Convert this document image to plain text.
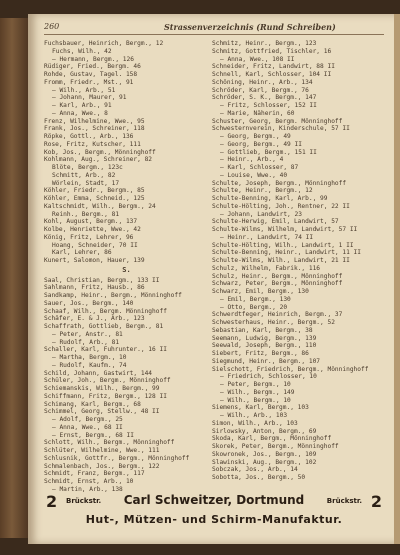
260	Strassenverzeichnis (Rund Schreiben)
Fuchsbauer, Heinrich, Bergm., 12
Fuchs, Wilh., 42
— Hermann, Bergm., 126
Rüdiger, Fried., Bergm. 46
Rohde, Gustav, Tagel. 158
Fromm, Friedr., Mst., 91
— Wilh., Arb., 51
— Johann, Maurer, 91
— Karl, Arb., 91
— Anna, Wwe., 8
Frenz, Wilhelmine, Wwe., 95
Frank, Jos., Schreiner, 118
Röpke, Gottl., Arb., 136
Rose, Fritz, Kutscher, 111
Kob, Jos., Bergm., Mönninghoff
Kohlmann, Aug., Schreiner, 82
Blöte, Bergm., 123c
Schmitt, Arb., 82
Wörlein, Stadt, 17
Köhler, Friedr., Bergm., 85
Köhler, Emma, Schneid., 125
Kaltschmidt, Wilh., Bergm., 24
Reinh., Bergm., 81
Kohl, August, Bergm., 137
Kolbe, Henriette, Wwe., 42
König, Fritz, Lehrer, 96
Hoang, Schneider, 70 II
Karl, Lehrer, 86
Kunert, Salomon, Hauer, 139
S.
Saal, Christian, Bergm., 133 II
Sahlmann, Fritz, Hausb., 86
Sandkamp, Heinr., Bergm., Mönninghoff
Sauer, Jos., Bergm., 140
Schaaf, Wilh., Bergm. Mönninghoff
Schäfer, E. & J., Arb., 123
Schaffrath, Gottlieb, Bergm., 81
— Peter, Anstr., 81
— Rudolf, Arb., 81
Schaller, Karl, Fuhrunter., 16 II
— Martha, Bergm., 10
— Rudolf, Kaufm., 74
Schild, Johann, Gastwirt, 144
Schüler, Joh., Bergm., Mönninghoff
Schiemanskis, Wilh., Bergm., 99
Schiffmann, Fritz, Bergm., 128 II
Schimang, Karl, Bergm., 68
Schimmel, Georg, Stellw., 48 II
— Adolf, Bergm., 25
— Anna, Wwe., 68 II
— Ernst, Bergm., 68 II
Schlott, Wilh., Bergm., Mönninghoff
Schlüter, Wilhelmine, Wwe., 111
Schlusnik, Gottfr., Bergm., Mönninghoff
Schmalenbach, Jos., Bergm., 122
Schmidt, Franz, Bergm., 117
Schmidt, Ernst, Arb., 10
— Martin, Arb., 138
Schmitz, Heinr., Bergm., 123
Schmitz, Gottfried, Tischler, 16
— Anna, Wwe., 108 II
Schneider, Fritz, Landwirt, 88 II
Schnell, Karl, Schlosser, 104 II
Schöning, Heinr., Arb., 134
Schröder, Karl, Bergm., 76
Schröder, S. K., Bergm., 147
— Fritz, Schlosser, 152 II
— Marie, Näherin, 60
Schuster, Georg, Bergm. Mönninghoff
Schwesternverein, Kinderschule, 57 II
— Georg, Bergm., 49
— Georg, Bergm., 49 II
— Gottlieb, Bergm., 151 II
— Heinr., Arb., 4
— Karl, Schlosser, 87
— Louise, Wwe., 40
Schulte, Joseph, Bergm., Mönninghoff
Schulte, Heinr., Bergm., 12
Schulte-Benning, Karl, Arb., 99
Schulte-Hölting, Joh., Rentner, 22 II
— Johann, Landwirt, 23
Schulte-Herwig, Emil, Landwirt, 57
Schulte-Wilms, Wilhelm, Landwirt, 57 II
— Heinr., Landwirt, 74 II
Schulte-Hölting, Wilh., Landwirt, 1 II
Schulte-Benning, Heinr., Landwirt, 11 II
Schulte-Wilms, Wilh., Landwirt, 21 II
Schulz, Wilhelm, Fabrik., 116
Schulz, Heinr., Bergm., Mönninghoff
Schwarz, Peter, Bergm., Mönninghoff
Schwarz, Emil, Bergm., 130
— Emil, Bergm., 130
— Otto, Bergm., 20
Schwerdtfeger, Heinrich, Bergm., 37
Schwesterhaus, Heinr., Bergm., 52
Sebastian, Karl, Bergm., 38
Seemann, Ludwig, Bergm., 139
Seewald, Joseph, Bergm., 110
Siebert, Fritz, Bergm., 86
Siegmund, Heinr., Bergm., 107
Sielschott, Friedrich, Bergm., Mönninghoff
— Friedrich, Schlosser, 10
— Peter, Bergm., 10
— Wilh., Bergm., 149
— Wilh., Bergm., 10
Siemens, Karl, Bergm., 103
— Wilh., Arb., 103
Simon, Wilh., Arb., 103
Sirlowsky, Anton, Bergm., 69
Skoda, Karl, Bergm., Mönninghoff
Skorek, Peter, Bergm., Mönninghoff
Skowronek, Jos., Bergm., 109
Slawinski, Aug., Bergm., 102
Sobczak, Jos., Arb., 14
Sobotta, Jos., Bergm., 50
2 Brückstr.	Carl Schweitzer, Dortmund	Brückstr. 2
Hut-, Mützen- und Schirm-Manufaktur.
